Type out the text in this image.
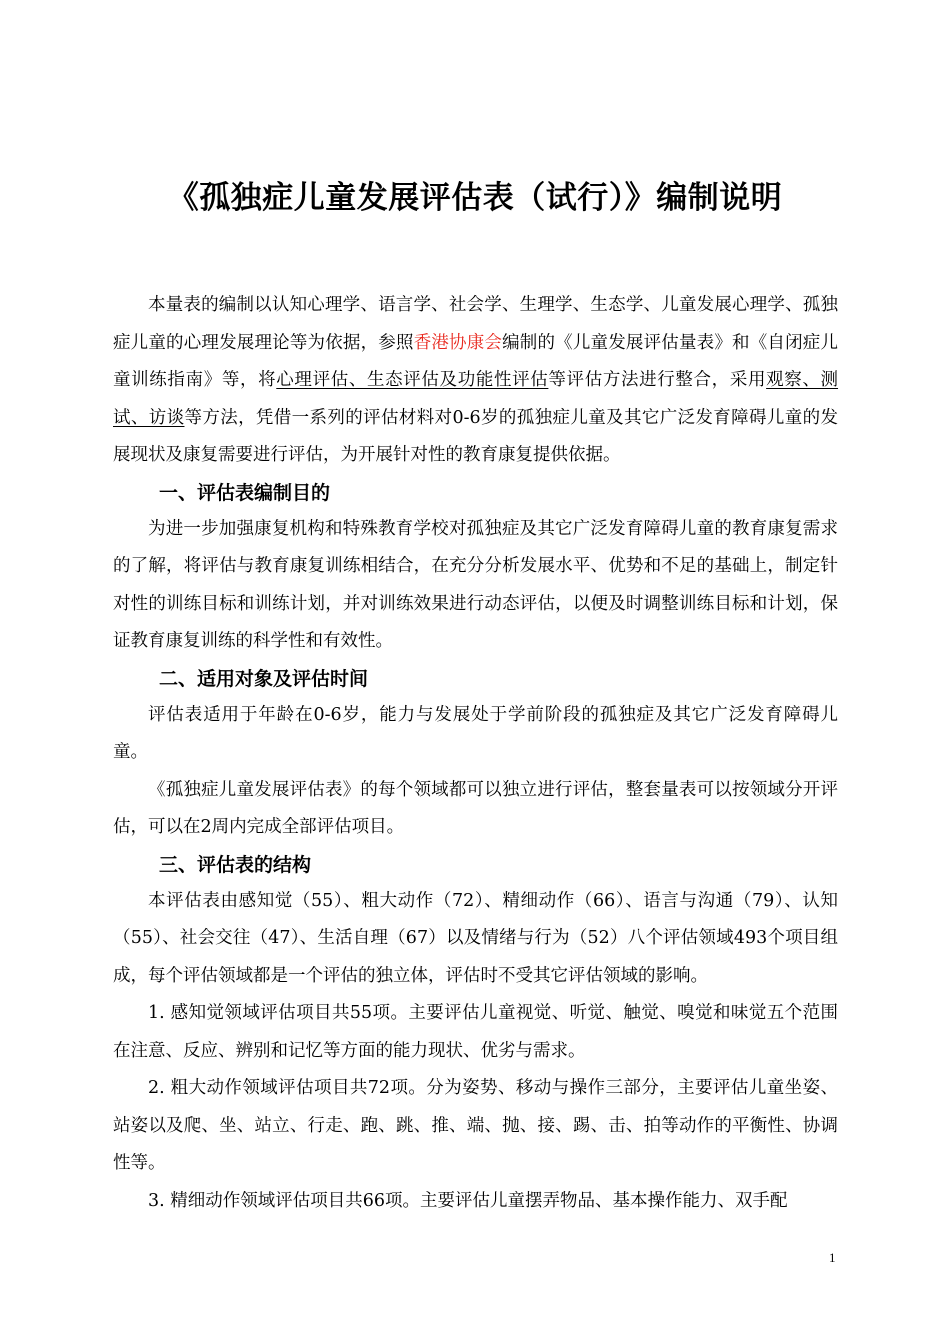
《孤独症儿童发展评估表（试行）》编制说明

本量表的编制以认知心理学、语言学、社会学、生理学、生态学、儿童发展心理学、孤独症儿童的心理发展理论等为依据，参照香港协康会编制的《儿童发展评估量表》和《自闭症儿童训练指南》等，将心理评估、生态评估及功能性评估等评估方法进行整合，采用观察、测试、访谈等方法，凭借一系列的评估材料对0-6岁的孤独症儿童及其它广泛发育障碍儿童的发展现状及康复需要进行评估，为开展针对性的教育康复提供依据。

一、评估表编制目的

为进一步加强康复机构和特殊教育学校对孤独症及其它广泛发育障碍儿童的教育康复需求的了解，将评估与教育康复训练相结合，在充分分析发展水平、优势和不足的基础上，制定针对性的训练目标和训练计划，并对训练效果进行动态评估，以便及时调整训练目标和计划，保证教育康复训练的科学性和有效性。

二、适用对象及评估时间

评估表适用于年龄在0-6岁，能力与发展处于学前阶段的孤独症及其它广泛发育障碍儿童。

《孤独症儿童发展评估表》的每个领域都可以独立进行评估，整套量表可以按领域分开评估，可以在2周内完成全部评估项目。

三、评估表的结构

本评估表由感知觉（55）、粗大动作（72）、精细动作（66）、语言与沟通（79）、认知（55）、社会交往（47）、生活自理（67）以及情绪与行为（52）八个评估领域493个项目组成，每个评估领域都是一个评估的独立体，评估时不受其它评估领域的影响。

1. 感知觉领域评估项目共55项。主要评估儿童视觉、听觉、触觉、嗅觉和味觉五个范围在注意、反应、辨别和记忆等方面的能力现状、优劣与需求。

2. 粗大动作领域评估项目共72项。分为姿势、移动与操作三部分，主要评估儿童坐姿、站姿以及爬、坐、站立、行走、跑、跳、推、端、抛、接、踢、击、拍等动作的平衡性、协调性等。

3. 精细动作领域评估项目共66项。主要评估儿童摆弄物品、基本操作能力、双手配

1
